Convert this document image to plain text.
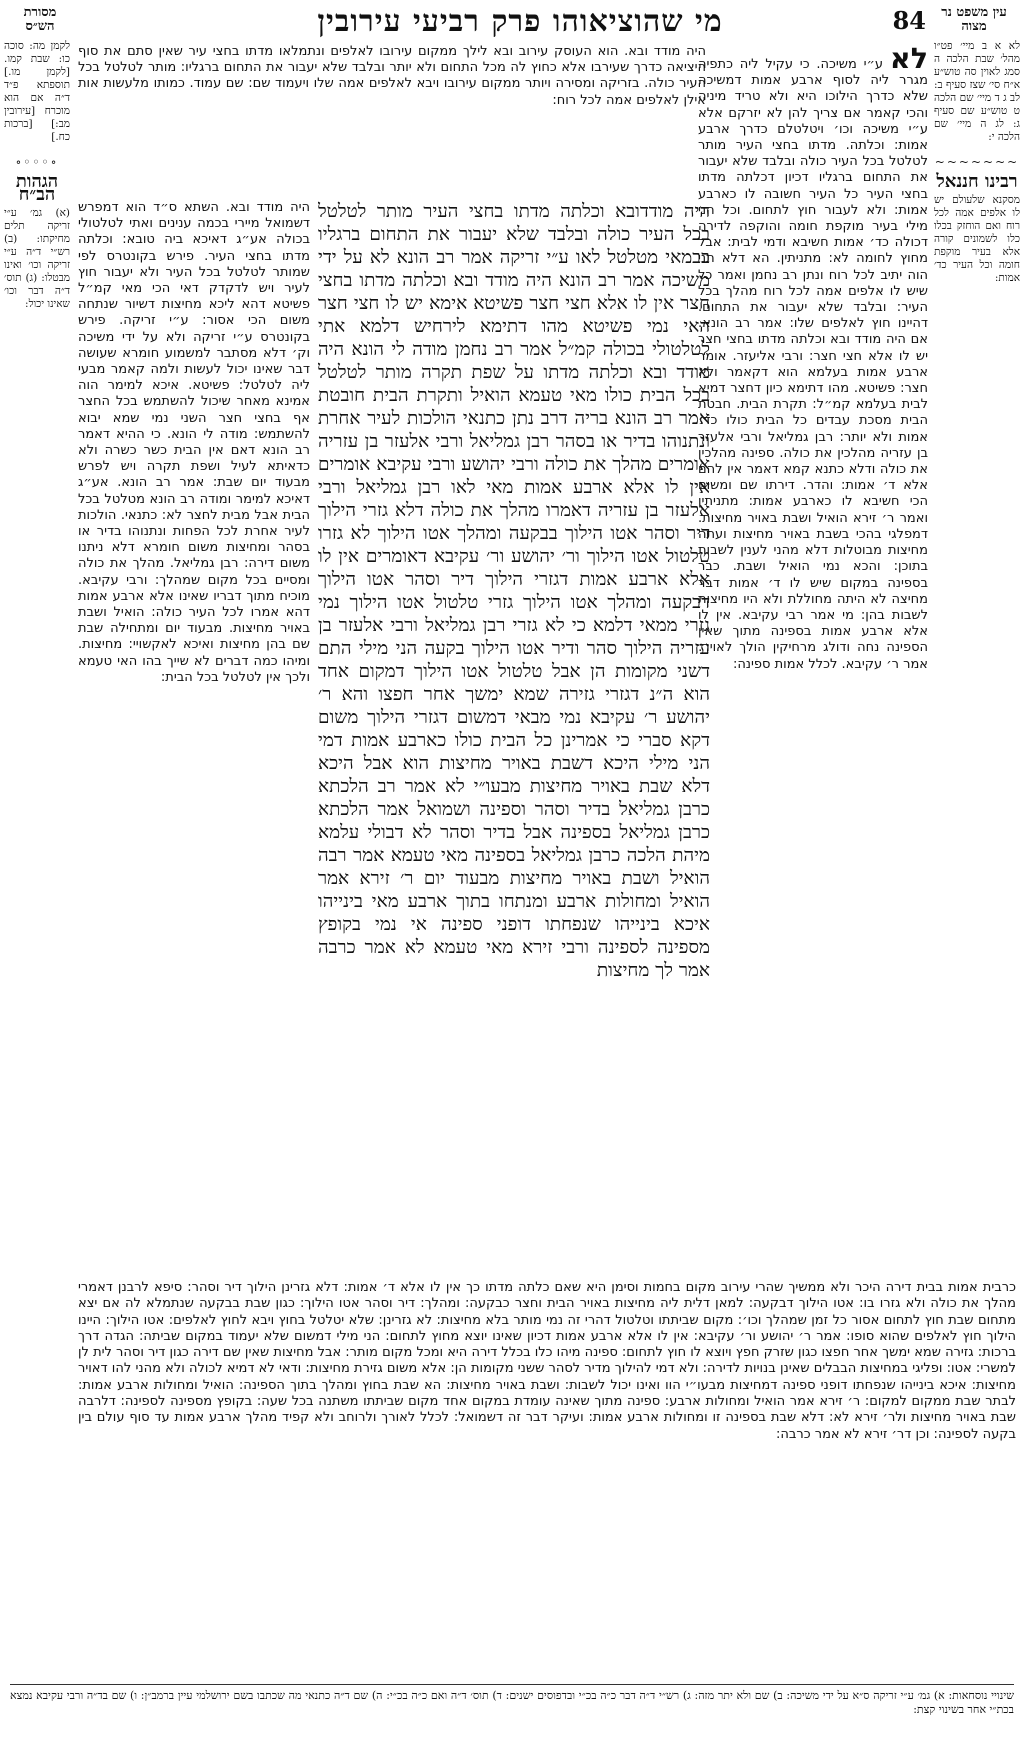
מסורת הש״ס	מי שהוציאוהו פרק רביעי עירובין	84	עין משפט נר מצוה
לא א ב מיי׳ פט״ו מהל׳ שבת הלכה ה סמג לאוין סה טוש״ע א״ח סי׳ שצז סעיף ב: לב ג ד מיי׳ שם הלכה ט טוש״ע שם סעיף ג: לג ה מיי׳ שם הלכה י:
~~~~~~~
רבינו חננאל
מסקנא שלעולם יש לו אלפים אמה לכל רוח ואם הוחזק בכלו כלו לשמונים קורה אלא בעיר מוקפת חומה וכל העיר כד׳ אמות:
לא ע״י משיכה. כי עקיל ליה כתפיה מגרר ליה לסוף ארבע אמות דמשיכה שלא כדרך הילוכו היא ולא טריד מיניה והכי קאמר אם צריך להן לא יזרקם אלא ע״י משיכה וכו׳ ויטלטלם כדרך ארבע אמות: וכלתה. מדתו בחצי העיר מותר לטלטל בכל העיר כולה ובלבד שלא יעבור את התחום ברגליו דכיון דכלתה מדתו בחצי העיר כל העיר חשובה לו כארבע אמות: ולא לעבור חוץ לתחום. וכל הני מילי בעיר מוקפת חומה והוקפה לדירה דכולה כד׳ אמות חשיבא ודמי לבית: אבל מחוץ לחומה לא: מתניתין. הא דלא תני הוה יתיב לכל רוח ונתן רב נחמן ואמר כל שיש לו אלפים אמה לכל רוח מהלך בכל העיר: ובלבד שלא יעבור את התחום. דהיינו חוץ לאלפים שלו: אמר רב הונא. אם היה מודד ובא וכלתה מדתו בחצי חצר יש לו אלא חצי חצר: ורבי אליעזר. אומר ארבע אמות בעלמא הוא דקאמר ולא חצר: פשיטא. מהו דתימא כיון דחצר דמיא לבית בעלמא קמ״ל: תקרת הבית. חבטת הבית מסכת עבדים כל הבית כולו כד׳ אמות ולא יותר: רבן גמליאל ורבי אלעזר בן עזריה מהלכין את כולה. ספינה מהלכין את כולה ודלא כתנא קמא דאמר אין להם אלא ד׳ אמות: והדר. דירתו שם ומשום הכי חשיבא לו כארבע אמות: מתניתין ואמר ר׳ זירא הואיל ושבת באויר מחיצות. דמפלגי בהכי בשבת באויר מחיצות ועתה מחיצות מבוטלות דלא מהני לענין לשבות בתוכן: והכא נמי הואיל ושבת. כבר בספינה במקום שיש לו ד׳ אמות דבר מחיצה לא היתה מחוללת ולא היו מחיצות לשבות בהן: מי אמר רבי עקיבא. אין לו אלא ארבע אמות בספינה מתוך שאין הספינה נחה ודולג מרחיקין הולך לאויר: אמר ר׳ עקיבא. לכלל אמות ספינה:
היה מודד ובא. הוא העוסק עירוב ובא לילך ממקום עירובו לאלפים ונתמלאו מדתו בחצי עיר שאין סתם את סוף היציאה כדרך שעירבו אלא כחוץ לה מכל התחום ולא יותר ובלבד שלא יעבור את התחום ברגליו: מותר לטלטל בכל העיר כולה. בזריקה ומסירה ויותר ממקום עירובו ויבא לאלפים אמה שלו ויעמוד שם: שם עמוד. כמותו מלעשות אות אילן לאלפים אמה לכל רוח:
היה מודדובא וכלתה מדתו בחצי העיר מותר לטלטל בכל העיר כולה ובלבד שלא יעבור את התחום ברגליו בבמאי מטלטל לאו ע״י זריקה אמר רב הונא לא על ידי משיכה אמר רב הונא היה מודד ובא וכלתה מדתו בחצי חצר אין לו אלא חצי חצר פשיטא אימא יש לו חצי חצר האי נמי פשיטא מהו דתימא לירחיש דלמא אתי לטלטולי בכולה קמ״ל אמר רב נחמן מודה לי הונא היה מודד ובא וכלתה מדתו על שפת תקרה מותר לטלטל בכל הבית כולו מאי טעמא הואיל ותקרת הבית חובטת אמר רב הונא בריה דרב נתן כתנאי הולכות לעיר אחרת ונתנוהו בדיר או בסהר רבן גמליאל ורבי אלעזר בן עזריה אומרים מהלך את כולה ורבי יהושע ורבי עקיבא אומרים אין לו אלא ארבע אמות מאי לאו רבן גמליאל ורבי אלעזר בן עזריה דאמרו מהלך את כולה דלא גזרי הילוך דיר וסהר אטו הילוך בבקעה ומהלך אטו הילוך לא גזרו טלטול אטו הילוך ור׳ יהושע ור׳ עקיבא דאומרים אין לו אלא ארבע אמות דגזרי הילוך דיר וסהר אטו הילוך דבקעה ומהלך אטו הילוך גזרי טלטול אטו הילוך נמי גזרי ממאי דלמא כי לא גזרי רבן גמליאל ורבי אלעזר בן עזריה הילוך סהר ודיר אטו הילוך בקעה הני מילי התם דשני מקומות הן אבל טלטול אטו הילוך דמקום אחד הוא ה״נ דגזרי גזירה שמא ימשך אחר חפצו והא ר׳ יהושע ר׳ עקיבא נמי מבאי דמשום דגזרי הילוך משום דקא סברי כי אמרינן כל הבית כולו כארבע אמות דמי הני מילי היכא דשבת באויר מחיצות הוא אבל היכא דלא שבת באויר מחיצות מבעו״י לא אמר רב הלכתא כרבן גמליאל בדיר וסהר וספינה ושמואל אמר הלכתא כרבן גמליאל בספינה אבל בדיר וסהר לא דבולי עלמא מיהת הלכה כרבן גמליאל בספינה מאי טעמא אמר רבה הואיל ושבת באויר מחיצות מבעוד יום ר׳ זירא אמר הואיל ומחולות ארבע ומנתחו בתוך ארבע מאי בינייהו איכא בינייהו שנפחתו דופני ספינה אי נמי בקופץ מספינה לספינה ורבי זירא מאי טעמא לא אמר כרבה אמר לך מחיצות
היה מודד ובא. השתא ס״ד הוא דמפרש דשמואל מיירי בכמה ענינים ואתי לטלטולי בכולה אע״ג דאיכא ביה טובא: וכלתה מדתו בחצי העיר. פירש בקונטרס לפי שמותר לטלטל בכל העיר ולא יעבור חוץ לעיר ויש לדקדק דאי הכי מאי קמ״ל פשיטא דהא ליכא מחיצות דשיור שנתחה משום הכי אסור: ע״י זריקה. פירש בקונטרס ע״י זריקה ולא על ידי משיכה וק׳ דלא מסתבר למשמוע חומרא שעושה דבר שאינו יכול לעשות ולמה קאמר מבעי ליה לטלטל: פשיטא. איכא למימר הוה אמינא מאחר שיכול להשתמש בכל החצר אף בחצי חצר השני נמי שמא יבוא להשתמש: מודה לי הונא. כי ההיא דאמר רב הונא דאם אין הבית כשר כשרה ולא כדאיתא לעיל ושפת תקרה ויש לפרש מבעוד יום שבת: אמר רב הונא. אע״ג דאיכא למימר ומודה רב הונא מטלטל בכל הבית אבל מבית לחצר לא: כתנאי. הולכות לעיר אחרת לכל הפחות ונתנוהו בדיר או בסהר ומחיצות משום חומרא דלא ניתנו משום דירה: רבן גמליאל. מהלך את כולה ומסיים בכל מקום שמהלך: ורבי עקיבא. מוכיח מתוך דבריו שאינו אלא ארבע אמות דהא אמרו לכל העיר כולה: הואיל ושבת באויר מחיצות. מבעוד יום ומתחילה שבת שם בהן מחיצות ואיכא לאקשויי: מחיצות. ומיהו כמה דברים לא שייך בהו האי טעמא ולכך אין לטלטל בכל הבית:
לקמן מה: סוכה כו: שבת קמו. [לקמן מו.] תוספתא פ״ד ד״ה אם הוא מוכרח [עירובין מב:] [ברכות כח.]
∘◦◦◦∘
הגהות הב״ח
(א) גמ׳ ע״י זריקה תלים מחיקתו: (ב) רש״י ד״ה ע״י זריקה וכו׳ ואינו מבטלו: (ג) תוס׳ ד״ה דבר וכו׳ שאינו יכול:
כרבית אמות בבית דירה היכר ולא ממשיך שהרי עירוב מקום בחמות וסימן היא שאם כלתה מדתו כך אין לו אלא ד׳ אמות: דלא גזרינן הילוך דיר וסהר: סיפא לרבנן דאמרי מהלך את כולה ולא גזרו בו: אטו הילוך דבקעה: למאן דלית ליה מחיצות באויר הבית וחצר כבקעה: ומהלך: דיר וסהר אטו הילוך: כגון שבת בבקעה שנתמלא לה אם יצא מתחום שבת חוץ לתחום אסור כל זמן שמהלך וכו׳: מקום שביתתו וטלטול דהרי זה נמי מותר בלא מחיצות: לא גזרינן: שלא יטלטל בחוץ ויבא לחוץ לאלפים: אטו הילוך: היינו הילוך חוץ לאלפים שהוא סופו: אמר ר׳ יהושע ור׳ עקיבא: אין לו אלא ארבע אמות דכיון שאינו יוצא מחוץ לתחום: הני מילי דמשום שלא יעמוד במקום שביתה: הגדה דרך ברכות: גזירה שמא ימשך אחר חפצו כגון שזרק חפץ ויוצא לו חוץ לתחום: ספינה מיהו כלו בכלל דירה היא ומכל מקום מותר: אבל מחיצות שאין שם דירה כגון דיר וסהר לית לן למשרי: אטו: ופליגי במחיצות הבבלים שאינן בנויות לדירה: ולא דמי להילוך מדיר לסהר ששני מקומות הן: אלא משום גזירת מחיצות: ודאי לא דמיא לכולה ולא מהני להו דאויר מחיצות: איכא בינייהו שנפחתו דופני ספינה דמחיצות מבעו״י הוו ואינו יכול לשבות: ושבת באויר מחיצות: הא שבת בחוץ ומהלך בתוך הספינה: הואיל ומחולות ארבע אמות: לבתר שבת ממקום למקום: ר׳ זירא אמר הואיל ומחולות ארבע: ספינה מתוך שאינה עומדת במקום אחד מקום שביתתו משתנה בכל שעה: בקופץ מספינה לספינה: דלרבה שבת באויר מחיצות ולר׳ זירא לא: דלא שבת בספינה זו ומחולות ארבע אמות: ועיקר דבר זה דשמואל: לכלל לאורך ולרוחב ולא קפיד מהלך ארבע אמות עד סוף עולם בין בקעה לספינה: וכן דר׳ זירא לא אמר כרבה:
שינויי נוסחאות: א) גמ׳ ע״י זריקה ס״א על ידי משיכה: ב) שם ולא יתר מזה: ג) רש״י ד״ה דבר כ״ה בכ״י ובדפוסים ישנים: ד) תוס׳ ד״ה ואם כ״ה בכ״י: ה) שם ד״ה כתנאי מה שכתבו בשם ירושלמי עיין ברמב״ן: ו) שם בד״ה ורבי עקיבא נמצא בכת״י אחר בשינוי קצת:
